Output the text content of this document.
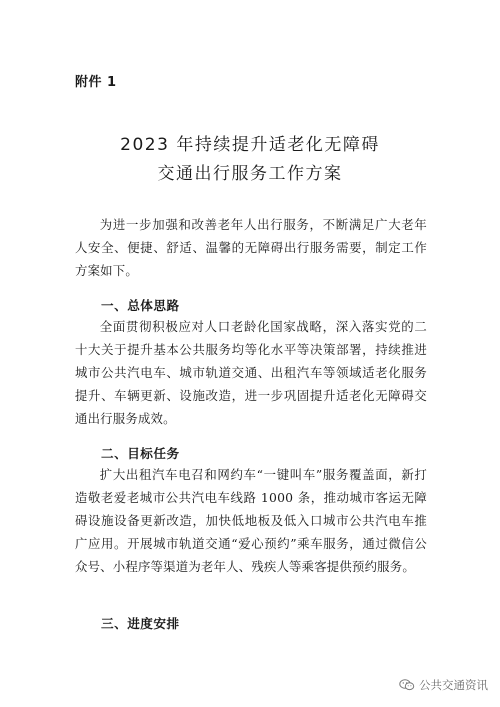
附件 1
2023 年持续提升适老化无障碍
交通出行服务工作方案
为进一步加强和改善老年人出行服务，不断满足广大老年人安全、便捷、舒适、温馨的无障碍出行服务需要，制定工作方案如下。
一、总体思路
全面贯彻积极应对人口老龄化国家战略，深入落实党的二十大关于提升基本公共服务均等化水平等决策部署，持续推进城市公共汽电车、城市轨道交通、出租汽车等领域适老化服务提升、车辆更新、设施改造，进一步巩固提升适老化无障碍交通出行服务成效。
二、目标任务
扩大出租汽车电召和网约车“一键叫车”服务覆盖面，新打造敬老爱老城市公共汽电车线路 1000 条，推动城市客运无障碍设施设备更新改造，加快低地板及低入口城市公共汽电车推广应用。开展城市轨道交通“爱心预约”乘车服务，通过微信公众号、小程序等渠道为老年人、残疾人等乘客提供预约服务。
三、进度安排
公共交通资讯
